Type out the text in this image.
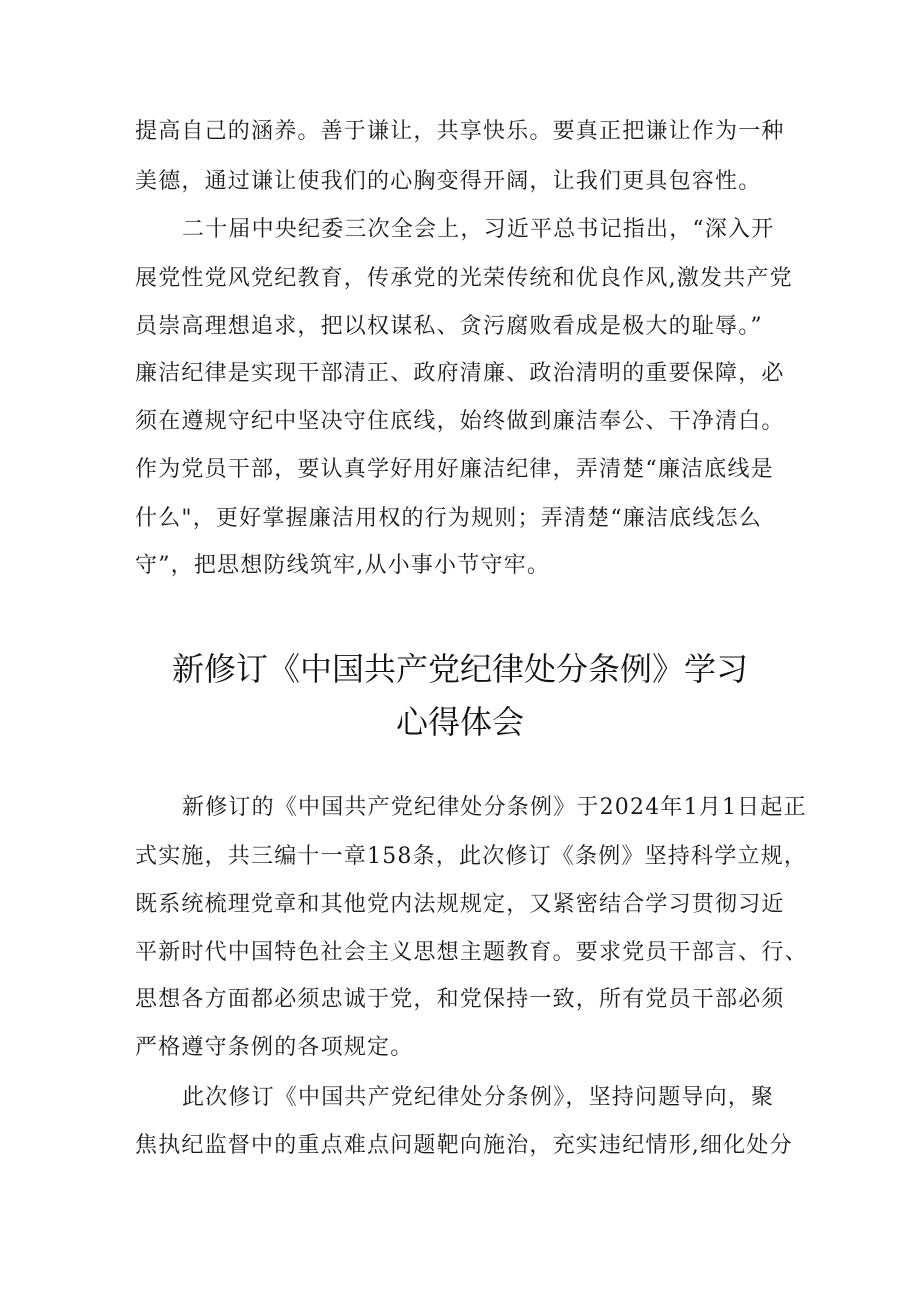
提高自己的涵养。善于谦让，共享快乐。要真正把谦让作为一种
美德，通过谦让使我们的心胸变得开阔，让我们更具包容性。
二十届中央纪委三次全会上，习近平总书记指出，“深入开
展党性党风党纪教育，传承党的光荣传统和优良作风,激发共产党
员崇高理想追求，把以权谋私、贪污腐败看成是极大的耻辱。”
廉洁纪律是实现干部清正、政府清廉、政治清明的重要保障，必
须在遵规守纪中坚决守住底线，始终做到廉洁奉公、干净清白。
作为党员干部，要认真学好用好廉洁纪律，弄清楚“廉洁底线是
什么"，更好掌握廉洁用权的行为规则；弄清楚“廉洁底线怎么
守”，把思想防线筑牢,从小事小节守牢。
新修订《中国共产党纪律处分条例》学习
心得体会
新修订的《中国共产党纪律处分条例》于2024年1月1日起正
式实施，共三编十一章158条，此次修订《条例》坚持科学立规，
既系统梳理党章和其他党内法规规定，又紧密结合学习贯彻习近
平新时代中国特色社会主义思想主题教育。要求党员干部言、行、
思想各方面都必须忠诚于党，和党保持一致，所有党员干部必须
严格遵守条例的各项规定。
此次修订《中国共产党纪律处分条例》，坚持问题导向，聚
焦执纪监督中的重点难点问题靶向施治，充实违纪情形,细化处分
